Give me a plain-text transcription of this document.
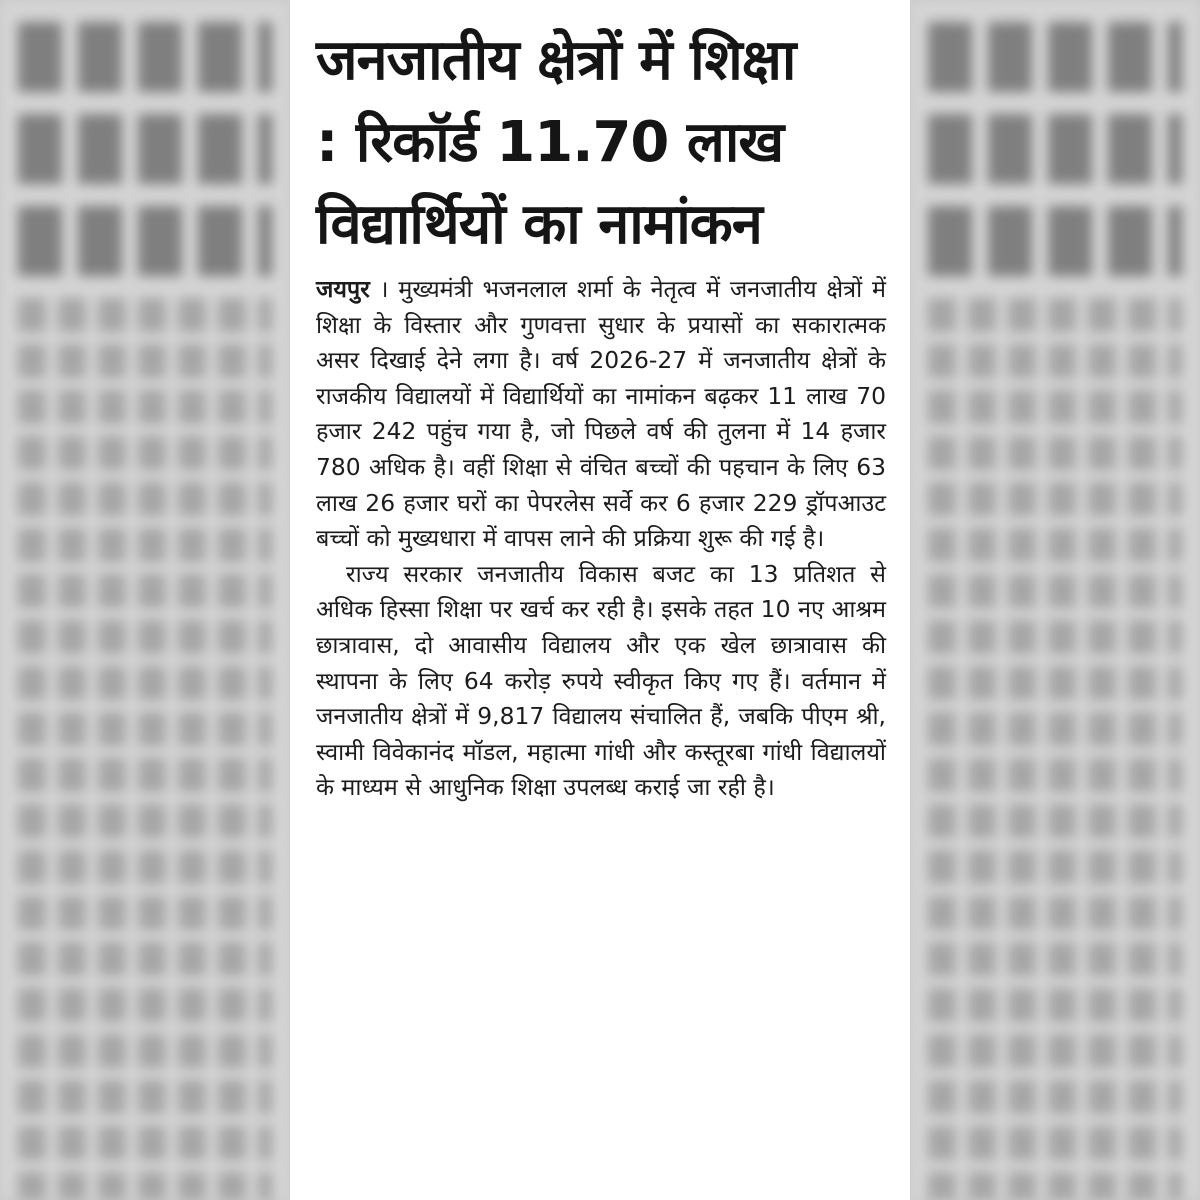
जनजातीय क्षेत्रों में शिक्षा
: रिकॉर्ड 11.70 लाख
विद्यार्थियों का नामांकन

जयपुर । मुख्यमंत्री भजनलाल शर्मा के नेतृत्व में जनजातीय क्षेत्रों में शिक्षा के विस्तार और गुणवत्ता सुधार के प्रयासों का सकारात्मक असर दिखाई देने लगा है। वर्ष 2026-27 में जनजातीय क्षेत्रों के राजकीय विद्यालयों में विद्यार्थियों का नामांकन बढ़कर 11 लाख 70 हजार 242 पहुंच गया है, जो पिछले वर्ष की तुलना में 14 हजार 780 अधिक है। वहीं शिक्षा से वंचित बच्चों की पहचान के लिए 63 लाख 26 हजार घरों का पेपरलेस सर्वे कर 6 हजार 229 ड्रॉपआउट बच्चों को मुख्यधारा में वापस लाने की प्रक्रिया शुरू की गई है।

राज्य सरकार जनजातीय विकास बजट का 13 प्रतिशत से अधिक हिस्सा शिक्षा पर खर्च कर रही है। इसके तहत 10 नए आश्रम छात्रावास, दो आवासीय विद्यालय और एक खेल छात्रावास की स्थापना के लिए 64 करोड़ रुपये स्वीकृत किए गए हैं। वर्तमान में जनजातीय क्षेत्रों में 9,817 विद्यालय संचालित हैं, जबकि पीएम श्री, स्वामी विवेकानंद मॉडल, महात्मा गांधी और कस्तूरबा गांधी विद्यालयों के माध्यम से आधुनिक शिक्षा उपलब्ध कराई जा रही है।
